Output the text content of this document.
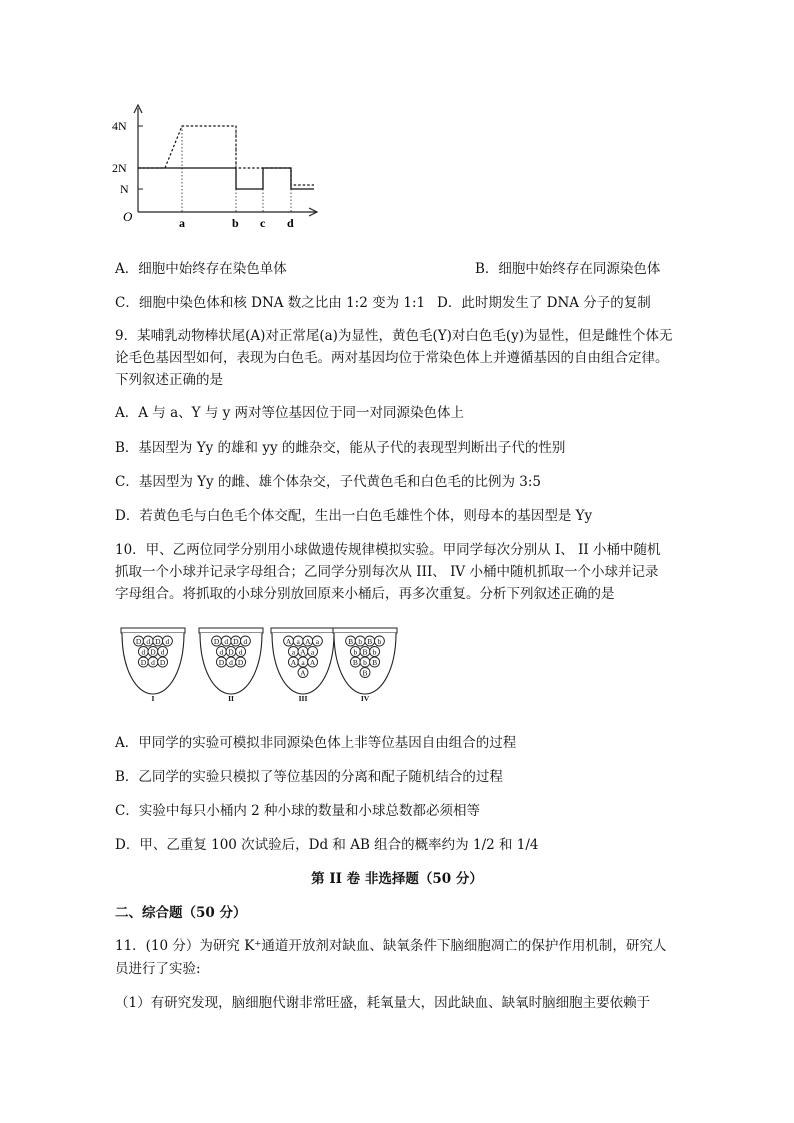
4N
2N
N
O	a	b c d
A．细胞中始终存在染色单体	B．细胞中始终存在同源染色体
C．细胞中染色体和核 DNA 数之比由 1:2 变为 1:1 D．此时期发生了 DNA 分子的复制
9．某哺乳动物棒状尾(A)对正常尾(a)为显性，黄色毛(Y)对白色毛(y)为显性，但是雌性个体无
论毛色基因型如何，表现为白色毛。两对基因均位于常染色体上并遵循基因的自由组合定律。
下列叙述正确的是
A．A 与 a、Y 与 y 两对等位基因位于同一对同源染色体上
B．基因型为 Yy 的雄和 yy 的雌杂交，能从子代的表现型判断出子代的性别
C．基因型为 Yy 的雌、雄个体杂交，子代黄色毛和白色毛的比例为 3:5
D．若黄色毛与白色毛个体交配，生出一白色毛雄性个体，则母本的基因型是 Yy
10．甲、乙两位同学分别用小球做遗传规律模拟实验。甲同学每次分别从 I、 II 小桶中随机
抓取一个小球并记录字母组合；乙同学分别每次从 III、 IV 小桶中随机抓取一个小球并记录
字母组合。将抓取的小球分别放回原来小桶后，再多次重复。分析下列叙述正确的是
D d D d
d D d
D d D
I
D d D d
d D d
D d D
II
A a A a
a A a
A a A
A
III
B b B b
b B b
B b B
B
IV
A．甲同学的实验可模拟非同源染色体上非等位基因自由组合的过程
B．乙同学的实验只模拟了等位基因的分离和配子随机结合的过程
C．实验中每只小桶内 2 种小球的数量和小球总数都必须相等
D．甲、乙重复 100 次试验后，Dd 和 AB 组合的概率约为 1/2 和 1/4
第 II 卷 非选择题（50 分）
二、综合题（50 分）
11．(10 分）为研究 K⁺通道开放剂对缺血、缺氧条件下脑细胞凋亡的保护作用机制，研究人
员进行了实验:
（1）有研究发现，脑细胞代谢非常旺盛，耗氧量大，因此缺血、缺氧时脑细胞主要依赖于
